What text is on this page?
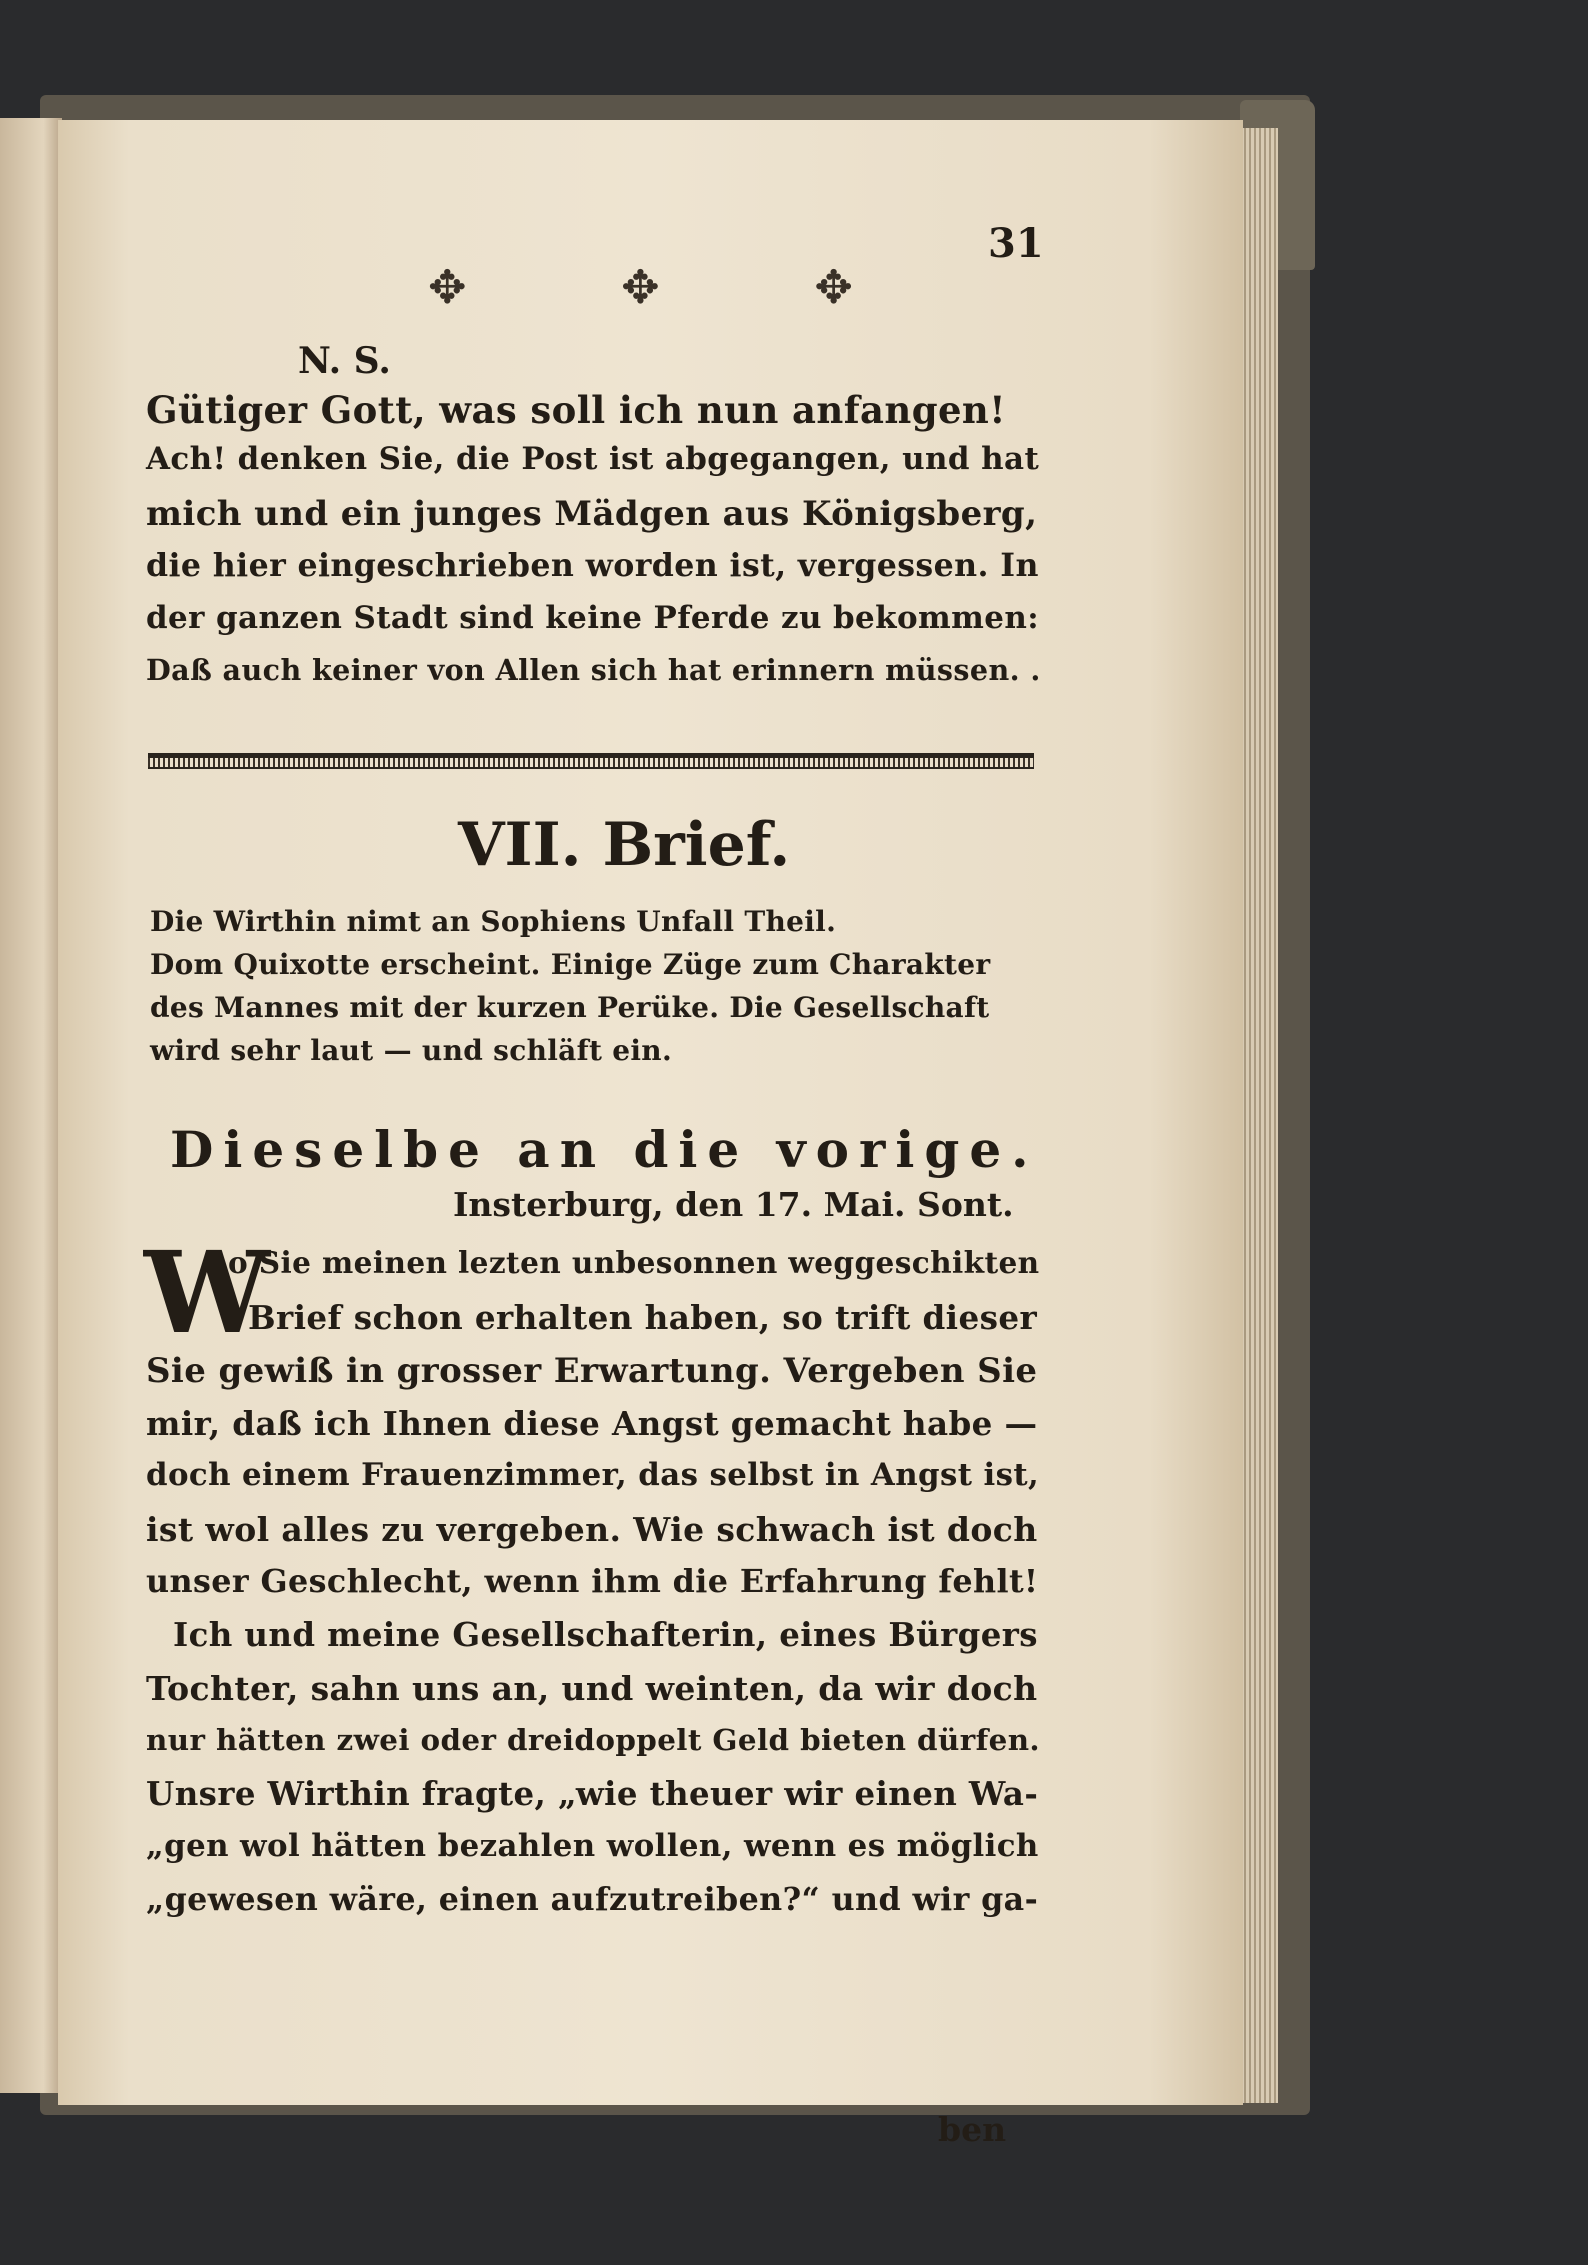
31
✥ ✥ ✥
N. S.
Gütiger Gott, was soll ich nun anfangen!
Ach! denken Sie, die Post ist abgegangen, und hat
mich und ein junges Mädgen aus Königsberg,
die hier eingeschrieben worden ist, vergessen. In
der ganzen Stadt sind keine Pferde zu bekommen:
Daß auch keiner von Allen sich hat erinnern müssen. .
VII. Brief.
Die Wirthin nimt an Sophiens Unfall Theil.
Dom Quixotte erscheint. Einige Züge zum Charakter
des Mannes mit der kurzen Perüke. Die Gesellschaft
wird sehr laut — und schläft ein.
Dieselbe an die vorige.
Insterburg, den 17. Mai. Sont.
W
o Sie meinen lezten unbesonnen weggeschikten
Brief schon erhalten haben, so trift dieser
Sie gewiß in grosser Erwartung. Vergeben Sie
mir, daß ich Ihnen diese Angst gemacht habe —
doch einem Frauenzimmer, das selbst in Angst ist,
ist wol alles zu vergeben. Wie schwach ist doch
unser Geschlecht, wenn ihm die Erfahrung fehlt!
Ich und meine Gesellschafterin, eines Bürgers
Tochter, sahn uns an, und weinten, da wir doch
nur hätten zwei oder dreidoppelt Geld bieten dürfen.
Unsre Wirthin fragte, „wie theuer wir einen Wa-
„gen wol hätten bezahlen wollen, wenn es möglich
„gewesen wäre, einen aufzutreiben?“ und wir ga-
ben
